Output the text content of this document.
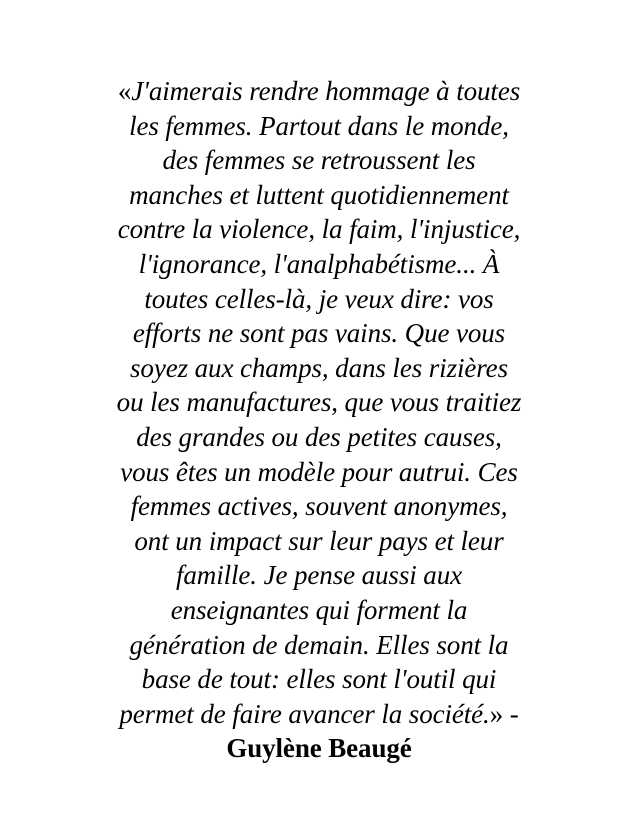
«J'aimerais rendre hommage à toutes
les femmes. Partout dans le monde,
des femmes se retroussent les
manches et luttent quotidiennement
contre la violence, la faim, l'injustice,
l'ignorance, l'analphabétisme... À
toutes celles-là, je veux dire: vos
efforts ne sont pas vains. Que vous
soyez aux champs, dans les rizières
ou les manufactures, que vous traitiez
des grandes ou des petites causes,
vous êtes un modèle pour autrui. Ces
femmes actives, souvent anonymes,
ont un impact sur leur pays et leur
famille. Je pense aussi aux
enseignantes qui forment la
génération de demain. Elles sont la
base de tout: elles sont l'outil qui
permet de faire avancer la société.» -
Guylène Beaugé
